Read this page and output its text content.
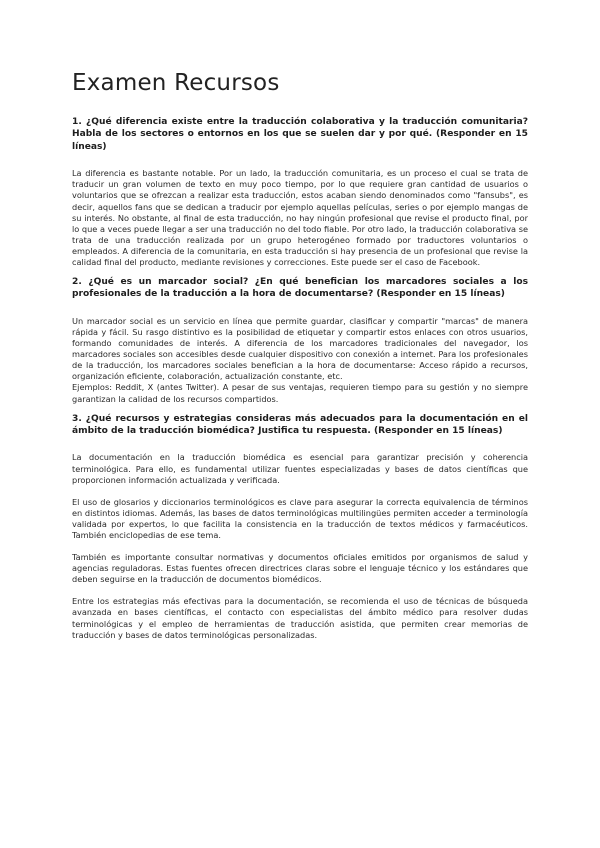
Examen Recursos

1. ¿Qué diferencia existe entre la traducción colaborativa y la traducción comunitaria? Habla de los sectores o entornos en los que se suelen dar y por qué. (Responder en 15 líneas)

La diferencia es bastante notable. Por un lado, la traducción comunitaria, es un proceso el cual se trata de traducir un gran volumen de texto en muy poco tiempo, por lo que requiere gran cantidad de usuarios o voluntarios que se ofrezcan a realizar esta traducción, estos acaban siendo denominados como "fansubs", es decir, aquellos fans que se dedican a traducir por ejemplo aquellas películas, series o por ejemplo mangas de su interés. No obstante, al final de esta traducción, no hay ningún profesional que revise el producto final, por lo que a veces puede llegar a ser una traducción no del todo fiable. Por otro lado, la traducción colaborativa se trata de una traducción realizada por un grupo heterogéneo formado por traductores voluntarios o empleados. A diferencia de la comunitaria, en esta traducción si hay presencia de un profesional que revise la calidad final del producto, mediante revisiones y correcciones. Este puede ser el caso de Facebook.

2. ¿Qué es un marcador social? ¿En qué benefician los marcadores sociales a los profesionales de la traducción a la hora de documentarse? (Responder en 15 líneas)

Un marcador social es un servicio en línea que permite guardar, clasificar y compartir "marcas" de manera rápida y fácil. Su rasgo distintivo es la posibilidad de etiquetar y compartir estos enlaces con otros usuarios, formando comunidades de interés. A diferencia de los marcadores tradicionales del navegador, los marcadores sociales son accesibles desde cualquier dispositivo con conexión a internet. Para los profesionales de la traducción, los marcadores sociales benefician a la hora de documentarse: Acceso rápido a recursos, organización eficiente, colaboración, actualización constante, etc.

Ejemplos: Reddit, X (antes Twitter). A pesar de sus ventajas, requieren tiempo para su gestión y no siempre garantizan la calidad de los recursos compartidos.

3. ¿Qué recursos y estrategias consideras más adecuados para la documentación en el ámbito de la traducción biomédica? Justifica tu respuesta. (Responder en 15 líneas)

La documentación en la traducción biomédica es esencial para garantizar precisión y coherencia terminológica. Para ello, es fundamental utilizar fuentes especializadas y bases de datos científicas que proporcionen información actualizada y verificada.

El uso de glosarios y diccionarios terminológicos es clave para asegurar la correcta equivalencia de términos en distintos idiomas. Además, las bases de datos terminológicas multilingües permiten acceder a terminología validada por expertos, lo que facilita la consistencia en la traducción de textos médicos y farmacéuticos. También enciclopedias de ese tema.

También es importante consultar normativas y documentos oficiales emitidos por organismos de salud y agencias reguladoras. Estas fuentes ofrecen directrices claras sobre el lenguaje técnico y los estándares que deben seguirse en la traducción de documentos biomédicos.

Entre los estrategias más efectivas para la documentación, se recomienda el uso de técnicas de búsqueda avanzada en bases científicas, el contacto con especialistas del ámbito médico para resolver dudas terminológicas y el empleo de herramientas de traducción asistida, que permiten crear memorias de traducción y bases de datos terminológicas personalizadas.
